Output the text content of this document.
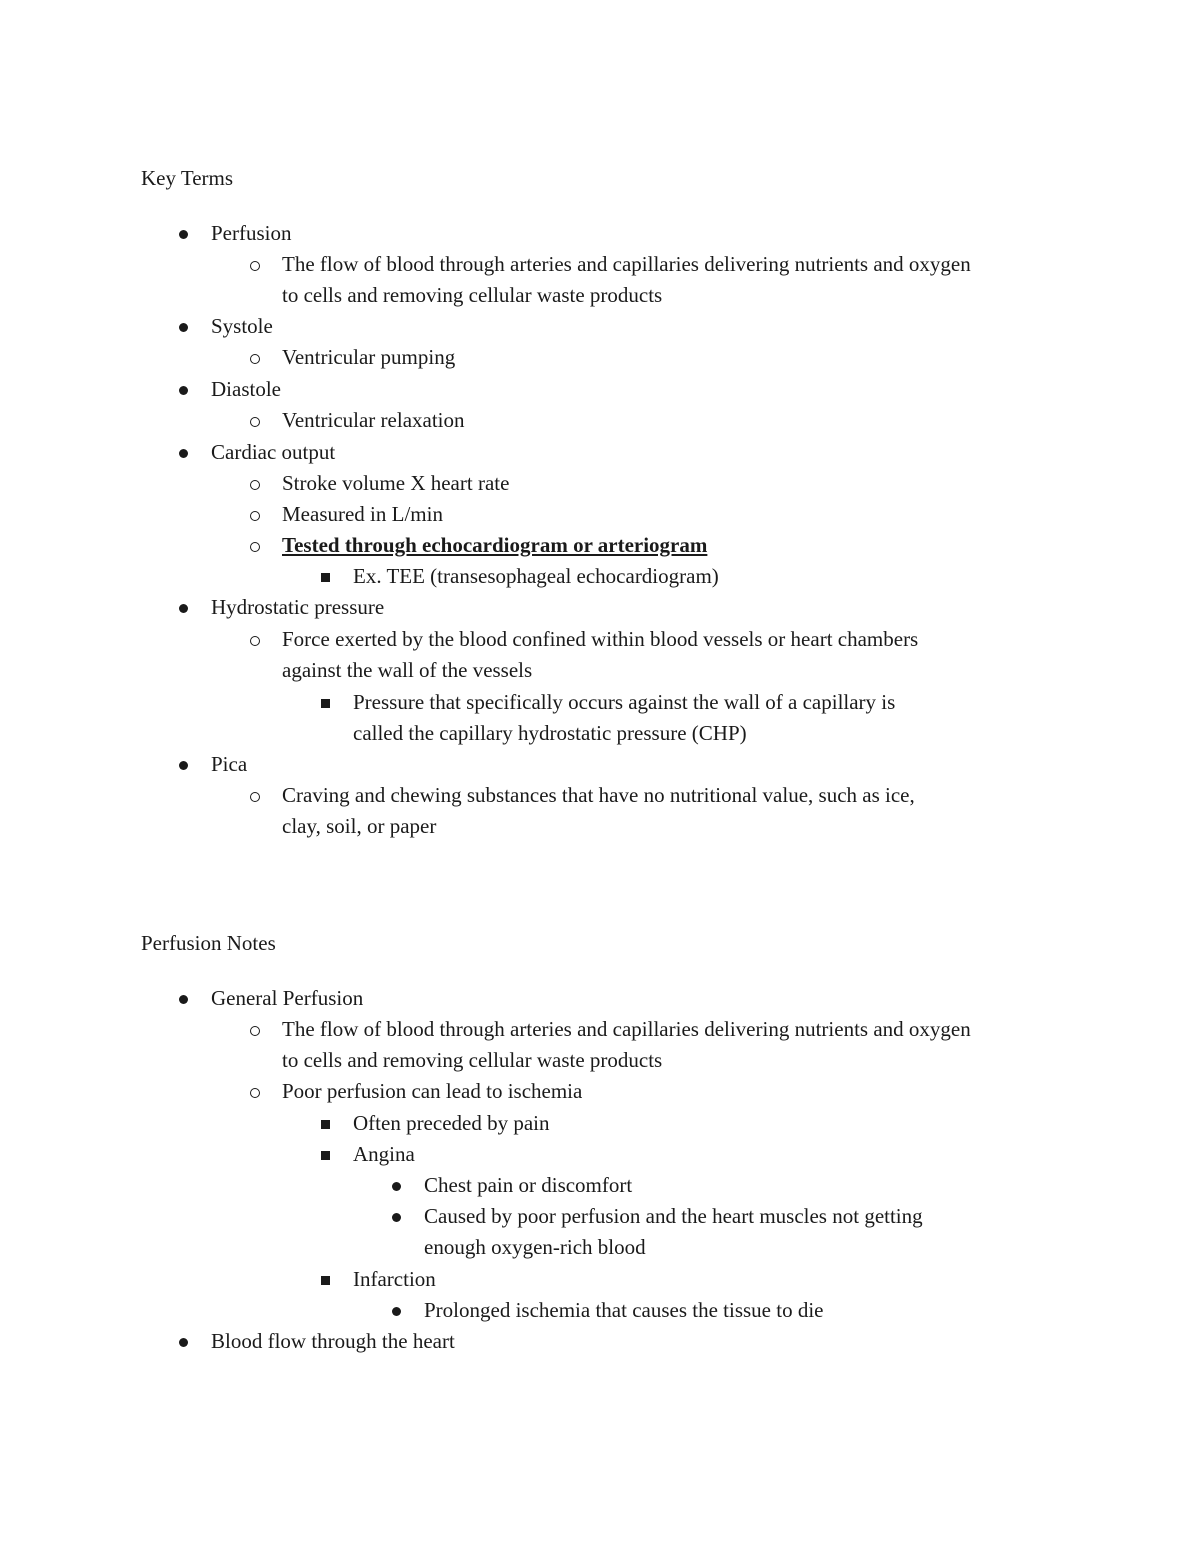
Key Terms
Perfusion
The flow of blood through arteries and capillaries delivering nutrients and oxygen
to cells and removing cellular waste products
Systole
Ventricular pumping
Diastole
Ventricular relaxation
Cardiac output
Stroke volume X heart rate
Measured in L/min
Tested through echocardiogram or arteriogram
Ex. TEE (transesophageal echocardiogram)
Hydrostatic pressure
Force exerted by the blood confined within blood vessels or heart chambers
against the wall of the vessels
Pressure that specifically occurs against the wall of a capillary is
called the capillary hydrostatic pressure (CHP)
Pica
Craving and chewing substances that have no nutritional value, such as ice,
clay, soil, or paper
Perfusion Notes
General Perfusion
The flow of blood through arteries and capillaries delivering nutrients and oxygen
to cells and removing cellular waste products
Poor perfusion can lead to ischemia
Often preceded by pain
Angina
Chest pain or discomfort
Caused by poor perfusion and the heart muscles not getting
enough oxygen-rich blood
Infarction
Prolonged ischemia that causes the tissue to die
Blood flow through the heart
